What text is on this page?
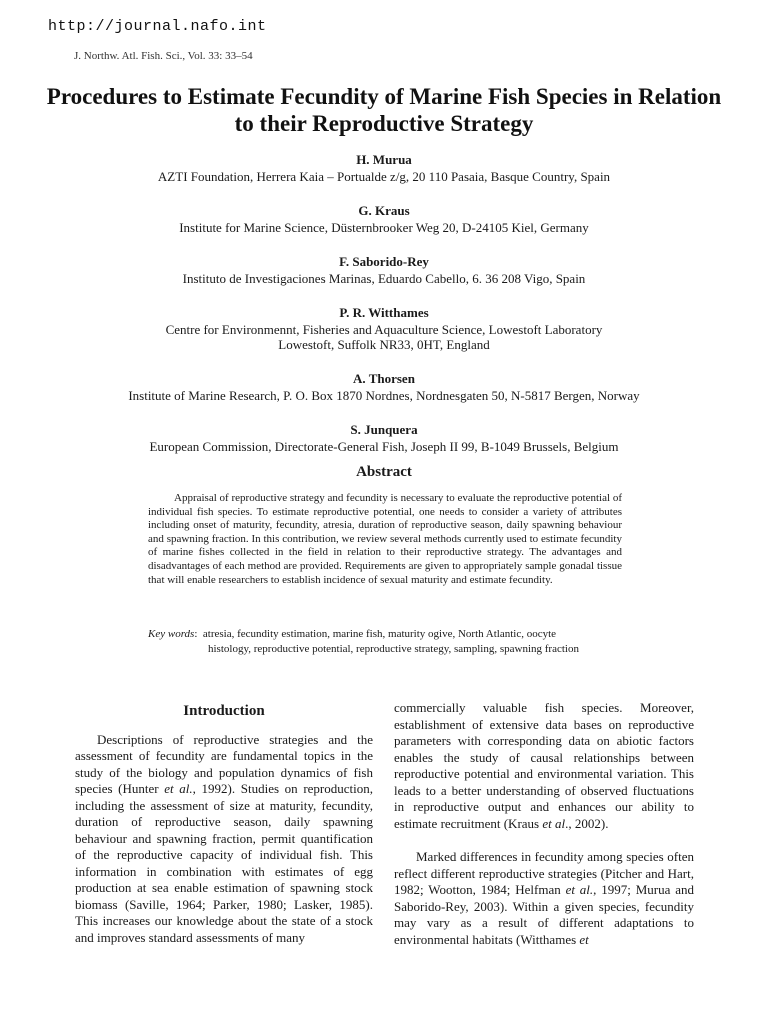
http://journal.nafo.int
J. Northw. Atl. Fish. Sci., Vol. 33: 33–54
Procedures to Estimate Fecundity of Marine Fish Species in Relation to their Reproductive Strategy
H. Murua
AZTI Foundation, Herrera Kaia – Portualde z/g, 20 110 Pasaia, Basque Country, Spain
G. Kraus
Institute for Marine Science, Düsternbrooker Weg 20, D-24105 Kiel, Germany
F. Saborido-Rey
Instituto de Investigaciones Marinas, Eduardo Cabello, 6. 36 208 Vigo, Spain
P. R. Witthames
Centre for Environmennt, Fisheries and Aquaculture Science, Lowestoft Laboratory
Lowestoft, Suffolk NR33, 0HT, England
A. Thorsen
Institute of Marine Research, P. O. Box 1870 Nordnes, Nordnesgaten 50, N-5817 Bergen, Norway
S. Junquera
European Commission, Directorate-General Fish, Joseph II 99, B-1049 Brussels, Belgium
Abstract

Appraisal of reproductive strategy and fecundity is necessary to evaluate the reproductive potential of individual fish species. To estimate reproductive potential, one needs to consider a variety of attributes including onset of maturity, fecundity, atresia, duration of reproductive season, daily spawning behaviour and spawning fraction. In this contribution, we review several methods currently used to estimate fecundity of marine fishes collected in the field in relation to their reproductive strategy. The advantages and disadvantages of each method are provided. Requirements are given to appropriately sample gonadal tissue that will enable researchers to establish incidence of sexual maturity and estimate fecundity.

Key words:  atresia, fecundity estimation, marine fish, maturity ogive, North Atlantic, oocyte
histology, reproductive potential, reproductive strategy, sampling, spawning fraction

Introduction

Descriptions of reproductive strategies and the assessment of fecundity are fundamental topics in the study of the biology and population dynamics of fish species (Hunter et al., 1992). Studies on reproduction, including the assessment of size at maturity, fecundity, duration of reproductive season, daily spawning behaviour and spawning fraction, permit quantification of the reproductive capacity of individual fish. This information in combination with estimates of egg production at sea enable estimation of spawning stock biomass (Saville, 1964; Parker, 1980; Lasker, 1985). This increases our knowledge about the state of a stock and improves standard assessments of many

commercially valuable fish species. Moreover, establishment of extensive data bases on reproductive parameters with corresponding data on abiotic factors enables the study of causal relationships between reproductive potential and environmental variation. This leads to a better understanding of observed fluctuations in reproductive output and enhances our ability to estimate recruitment (Kraus et al., 2002).

Marked differences in fecundity among species often reflect different reproductive strategies (Pitcher and Hart, 1982; Wootton, 1984; Helfman et al., 1997; Murua and Saborido-Rey, 2003). Within a given species, fecundity may vary as a result of different adaptations to environmental habitats (Witthames et
